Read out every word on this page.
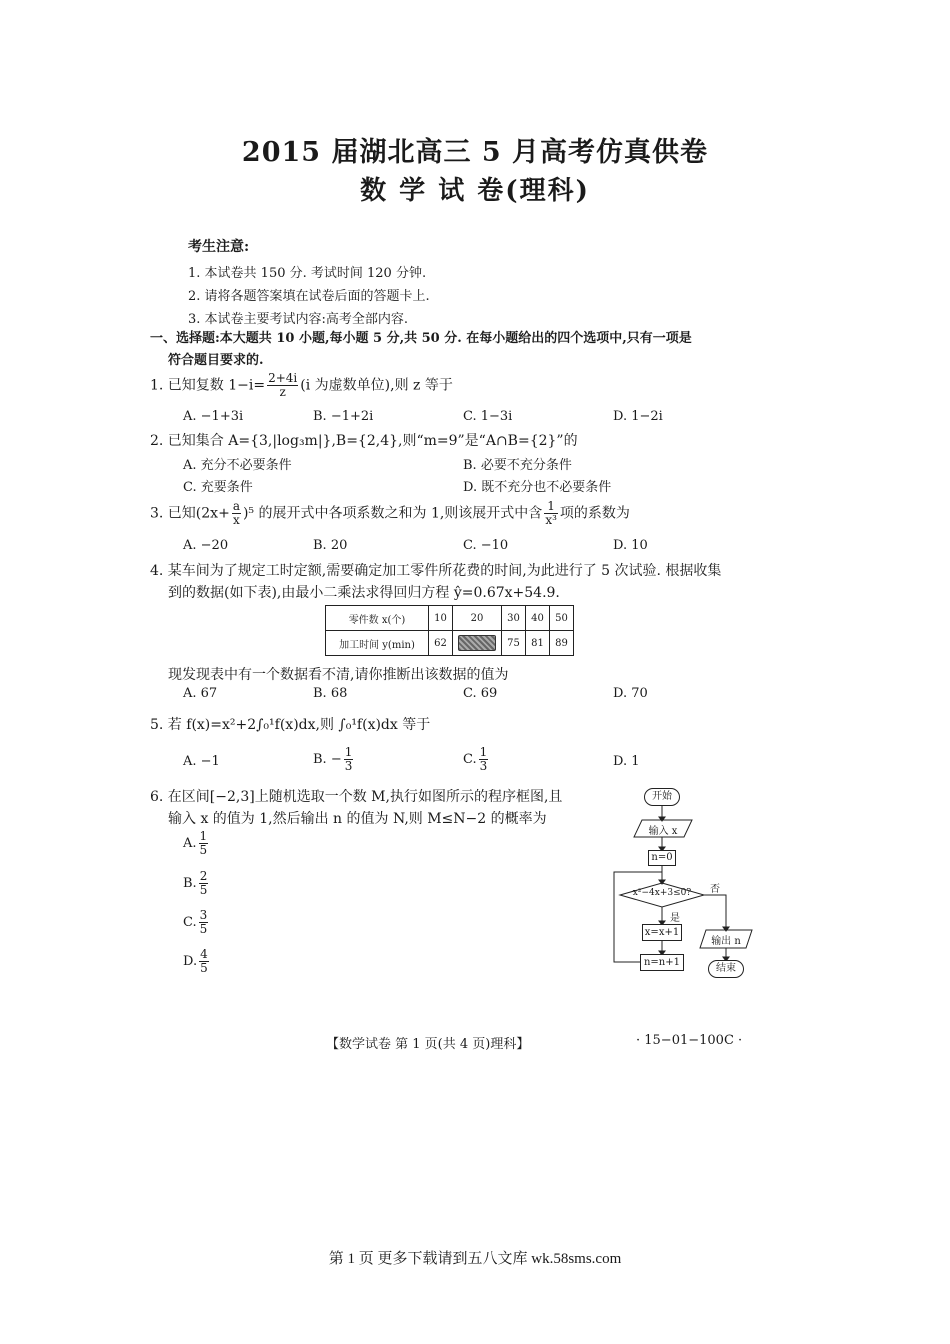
2015 届湖北高三 5 月高考仿真供卷
数 学 试 卷(理科)
考生注意:
1. 本试卷共 150 分. 考试时间 120 分钟.
2. 请将各题答案填在试卷后面的答题卡上.
3. 本试卷主要考试内容:高考全部内容.
一、选择题:本大题共 10 小题,每小题 5 分,共 50 分. 在每小题给出的四个选项中,只有一项是
符合题目要求的.
1. 已知复数 $1-i= \frac{2+4i}{z} (i$ 为虚数单位),则 z 等于
A. −1+3i	B. −1+2i	C. 1−3i	D. 1−2i
2. 已知集合 A={3,|log₃m|},B={2,4},则“m=9”是“A∩B={2}”的
A. 充分不必要条件	B. 必要不充分条件
C. 充要条件	D. 既不充分也不必要条件
3. 已知$(2x+ \frac{a}{x} )^5$ 的展开式中各项系数之和为 1,则该展开式中含 $\frac{1}{\text{x³}}$ 项的系数为
A. −20	B. 20	C. −10	D. 10
4. 某车间为了规定工时定额,需要确定加工零件所花费的时间,为此进行了 5 次试验. 根据收集
到的数据(如下表),由最小二乘法求得回归方程 ŷ=0.67x+54.9.
零件数 x(个)	10	20	30	40	50
加工时间 y(min)	62		75	81	89
现发现表中有一个数据看不清,请你推断出该数据的值为
A. 67	B. 68	C. 69	D. 70
5. 若 f(x)=x²+2∫₀¹f(x)dx,则 ∫₀¹f(x)dx 等于
A. −1	B. − $\frac{1}{3}$	C. $\frac{1}{3}$	D. 1
6. 在区间[−2,3]上随机选取一个数 M,执行如图所示的程序框图,且
输入 x 的值为 1,然后输出 n 的值为 N,则 M≤N−2 的概率为
A. $\frac{1}{5}$
B. $\frac{2}{5}$
C. $\frac{3}{5}$
D. $\frac{4}{5}$
开始
输入 x
n=0
x²−4x+3≤0?
是
否
x=x+1
n=n+1
输出 n
结束
【数学试卷 第 1 页(共 4 页)理科】	· 15−01−100C ·
第 1 页 更多下载请到五八文库 wk.58sms.com
